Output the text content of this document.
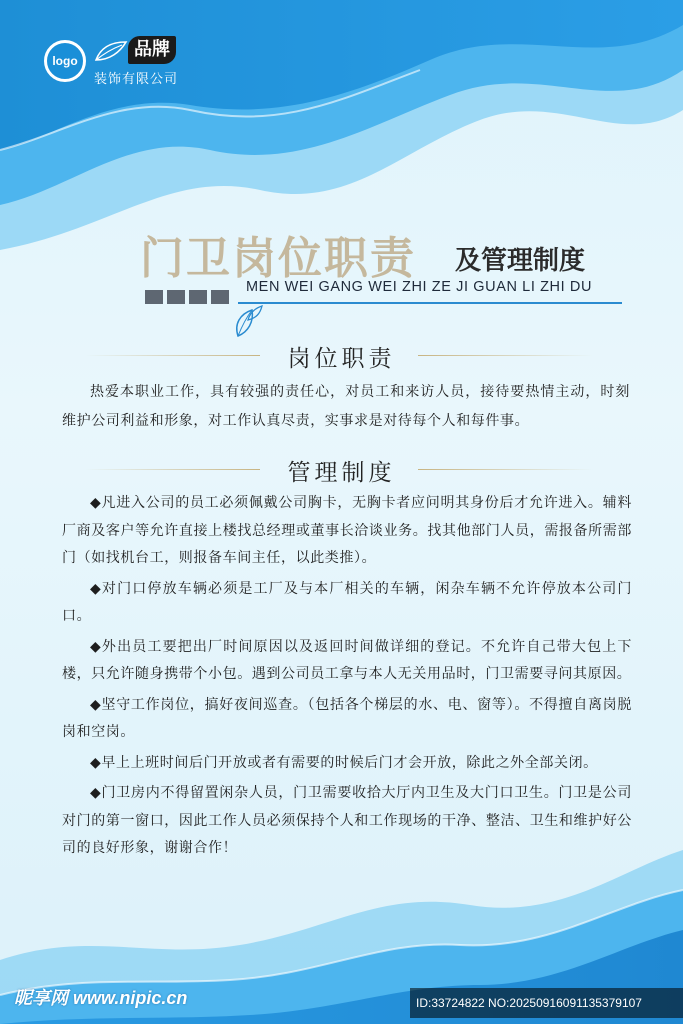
logo
品牌
装饰有限公司
门卫岗位职责 及管理制度
MEN WEI GANG WEI ZHI ZE JI GUAN LI ZHI DU
岗位职责
热爱本职业工作，具有较强的责任心，对员工和来访人员，接待要热情主动，时刻维护公司利益和形象，对工作认真尽责，实事求是对待每个人和每件事。
管理制度

◆凡进入公司的员工必须佩戴公司胸卡，无胸卡者应问明其身份后才允许进入。辅料厂商及客户等允许直接上楼找总经理或董事长洽谈业务。找其他部门人员，需报备所需部门（如找机台工，则报备车间主任，以此类推）。

◆对门口停放车辆必须是工厂及与本厂相关的车辆，闲杂车辆不允许停放本公司门口。

◆外出员工要把出厂时间原因以及返回时间做详细的登记。不允许自己带大包上下楼，只允许随身携带个小包。遇到公司员工拿与本人无关用品时，门卫需要寻问其原因。

◆坚守工作岗位，搞好夜间巡查。（包括各个梯层的水、电、窗等）。不得擅自离岗脱岗和空岗。

◆早上上班时间后门开放或者有需要的时候后门才会开放，除此之外全部关闭。

◆门卫房内不得留置闲杂人员，门卫需要收拾大厅内卫生及大门口卫生。门卫是公司对门的第一窗口，因此工作人员必须保持个人和工作现场的干净、整洁、卫生和维护好公司的良好形象，谢谢合作！

昵享网 www.nipic.cn	ID:33724822 NO:20250916091135379107
